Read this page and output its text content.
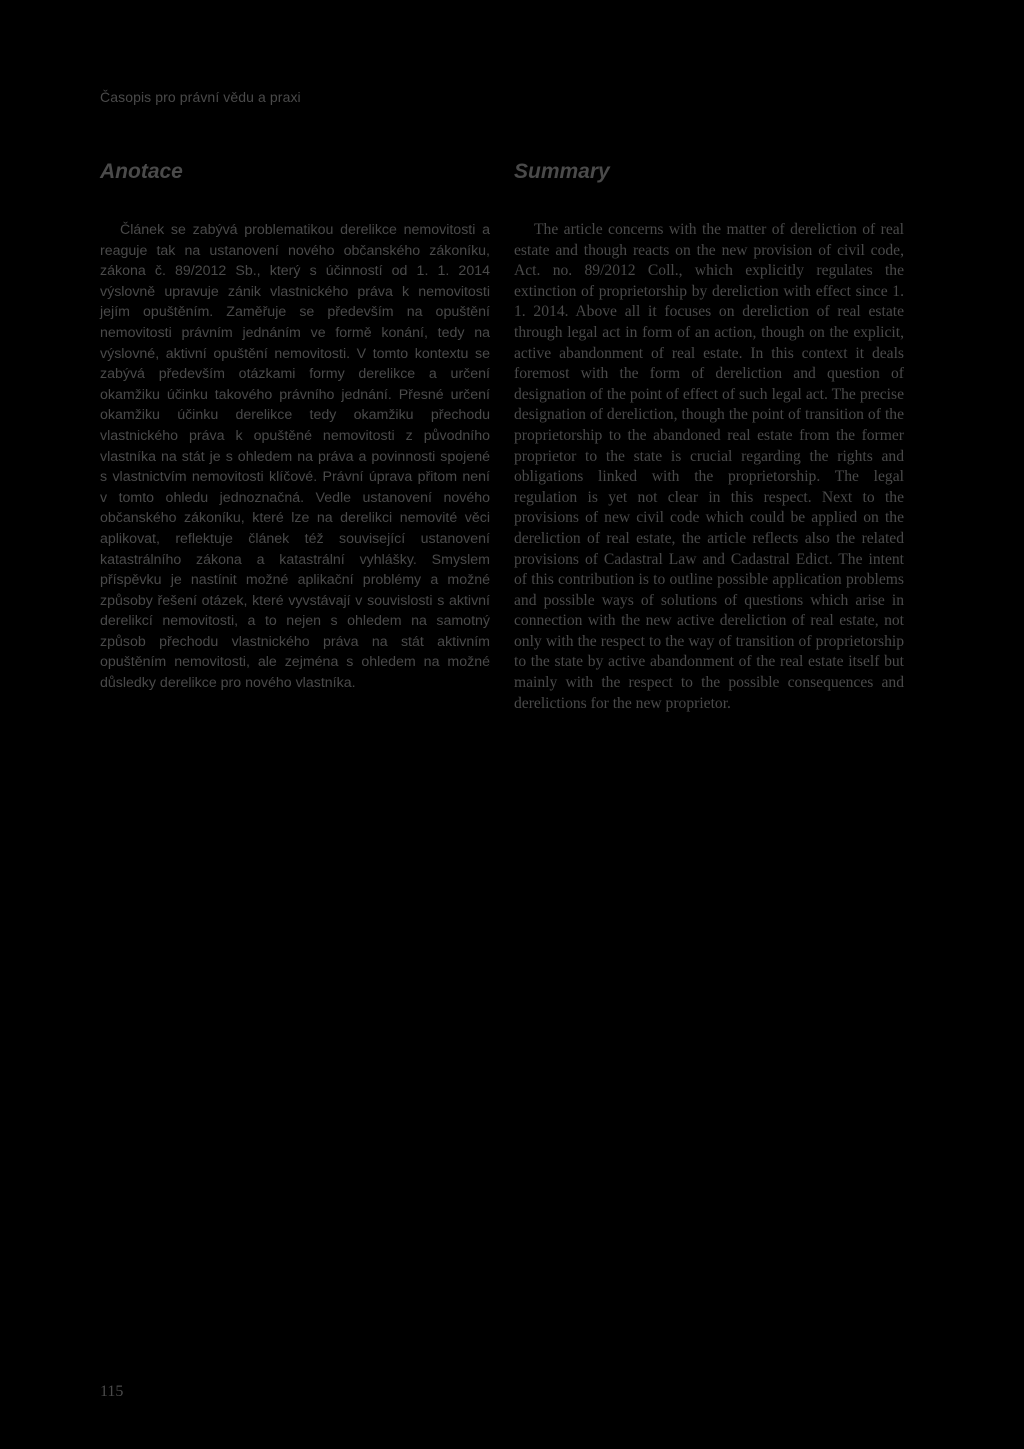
Časopis pro právní vědu a praxi
Anotace

Článek se zabývá problematikou derelikce nemovitosti a reaguje tak na ustanovení nového občanského zákoníku, zákona č. 89/2012 Sb., který s účinností od 1. 1. 2014 výslovně upravuje zánik vlastnického práva k nemovitosti jejím opuštěním. Zaměřuje se především na opuštění nemovitosti právním jednáním ve formě konání, tedy na výslovné, aktivní opuštění nemovitosti. V tomto kontextu se zabývá především otázkami formy derelikce a určení okamžiku účinku takového právního jednání. Přesné určení okamžiku účinku derelikce tedy okamžiku přechodu vlastnického práva k opuštěné nemovitosti z původního vlastníka na stát je s ohledem na práva a povinnosti spojené s vlastnictvím nemovitosti klíčové. Právní úprava přitom není v tomto ohledu jednoznačná. Vedle ustanovení nového občanského zákoníku, které lze na derelikci nemovité věci aplikovat, reflektuje článek též související ustanovení katastrálního zákona a katastrální vyhlášky. Smyslem příspěvku je nastínit možné aplikační problémy a možné způsoby řešení otázek, které vyvstávají v souvislosti s aktivní derelikcí nemovitosti, a to nejen s ohledem na samotný způsob přechodu vlastnického práva na stát aktivním opuštěním nemovitosti, ale zejména s ohledem na možné důsledky derelikce pro nového vlastníka.

Summary

The article concerns with the matter of dereliction of real estate and though reacts on the new provision of civil code, Act. no. 89/2012 Coll., which explicitly regulates the extinction of proprietorship by dereliction with effect since 1. 1. 2014. Above all it focuses on dereliction of real estate through legal act in form of an action, though on the explicit, active abandonment of real estate. In this context it deals foremost with the form of dereliction and question of designation of the point of effect of such legal act. The precise designation of dereliction, though the point of transition of the proprietorship to the abandoned real estate from the former proprietor to the state is crucial regarding the rights and obligations linked with the proprietorship. The legal regulation is yet not clear in this respect. Next to the provisions of new civil code which could be applied on the dereliction of real estate, the article reflects also the related provisions of Cadastral Law and Cadastral Edict. The intent of this contribution is to outline possible application problems and possible ways of solutions of questions which arise in connection with the new active dereliction of real estate, not only with the respect to the way of transition of proprietorship to the state by active abandonment of the real estate itself but mainly with the respect to the possible consequences and derelictions for the new proprietor.

115
